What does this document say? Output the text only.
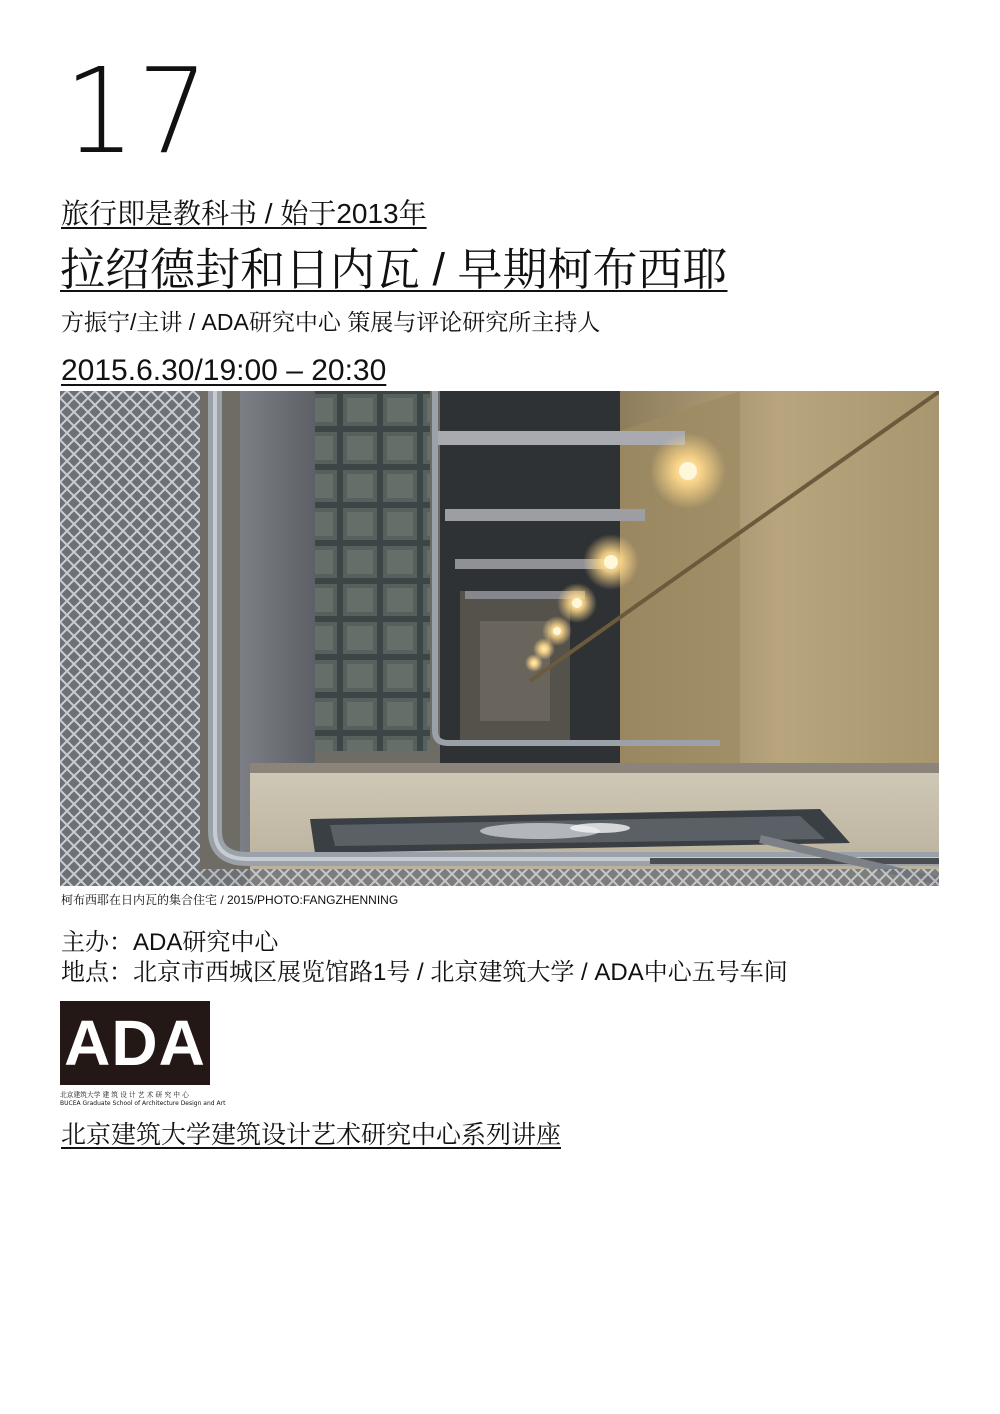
17
旅行即是教科书 / 始于2013年
拉绍德封和日内瓦 / 早期柯布西耶
方振宁/主讲 / ADA研究中心 策展与评论研究所主持人
2015.6.30/19:00 – 20:30
柯布西耶在日内瓦的集合住宅 / 2015/PHOTO:FANGZHENNING
主办：ADA研究中心
地点：北京市西城区展览馆路1号 / 北京建筑大学 / ADA中心五号车间
ADA
北京建筑大学 建 筑 设 计 艺 术 研 究 中 心
BUCEA Graduate School of Architecture Design and Art
北京建筑大学建筑设计艺术研究中心系列讲座
